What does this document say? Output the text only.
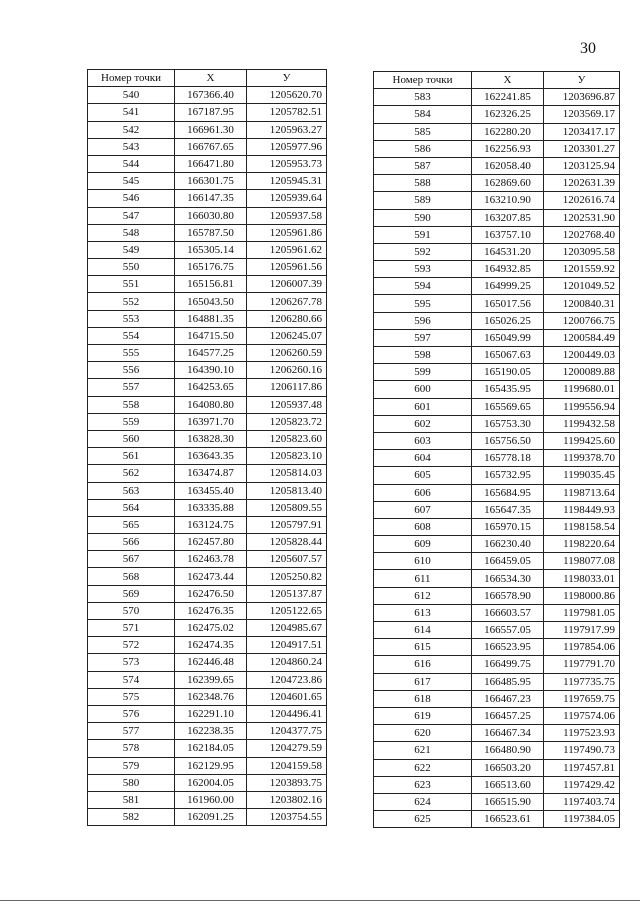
30
Номер точки	X	У
540	167366.40	1205620.70
541	167187.95	1205782.51
542	166961.30	1205963.27
543	166767.65	1205977.96
544	166471.80	1205953.73
545	166301.75	1205945.31
546	166147.35	1205939.64
547	166030.80	1205937.58
548	165787.50	1205961.86
549	165305.14	1205961.62
550	165176.75	1205961.56
551	165156.81	1206007.39
552	165043.50	1206267.78
553	164881.35	1206280.66
554	164715.50	1206245.07
555	164577.25	1206260.59
556	164390.10	1206260.16
557	164253.65	1206117.86
558	164080.80	1205937.48
559	163971.70	1205823.72
560	163828.30	1205823.60
561	163643.35	1205823.10
562	163474.87	1205814.03
563	163455.40	1205813.40
564	163335.88	1205809.55
565	163124.75	1205797.91
566	162457.80	1205828.44
567	162463.78	1205607.57
568	162473.44	1205250.82
569	162476.50	1205137.87
570	162476.35	1205122.65
571	162475.02	1204985.67
572	162474.35	1204917.51
573	162446.48	1204860.24
574	162399.65	1204723.86
575	162348.76	1204601.65
576	162291.10	1204496.41
577	162238.35	1204377.75
578	162184.05	1204279.59
579	162129.95	1204159.58
580	162004.05	1203893.75
581	161960.00	1203802.16
582	162091.25	1203754.55
Номер точки	X	У
583	162241.85	1203696.87
584	162326.25	1203569.17
585	162280.20	1203417.17
586	162256.93	1203301.27
587	162058.40	1203125.94
588	162869.60	1202631.39
589	163210.90	1202616.74
590	163207.85	1202531.90
591	163757.10	1202768.40
592	164531.20	1203095.58
593	164932.85	1201559.92
594	164999.25	1201049.52
595	165017.56	1200840.31
596	165026.25	1200766.75
597	165049.99	1200584.49
598	165067.63	1200449.03
599	165190.05	1200089.88
600	165435.95	1199680.01
601	165569.65	1199556.94
602	165753.30	1199432.58
603	165756.50	1199425.60
604	165778.18	1199378.70
605	165732.95	1199035.45
606	165684.95	1198713.64
607	165647.35	1198449.93
608	165970.15	1198158.54
609	166230.40	1198220.64
610	166459.05	1198077.08
611	166534.30	1198033.01
612	166578.90	1198000.86
613	166603.57	1197981.05
614	166557.05	1197917.99
615	166523.95	1197854.06
616	166499.75	1197791.70
617	166485.95	1197735.75
618	166467.23	1197659.75
619	166457.25	1197574.06
620	166467.34	1197523.93
621	166480.90	1197490.73
622	166503.20	1197457.81
623	166513.60	1197429.42
624	166515.90	1197403.74
625	166523.61	1197384.05
